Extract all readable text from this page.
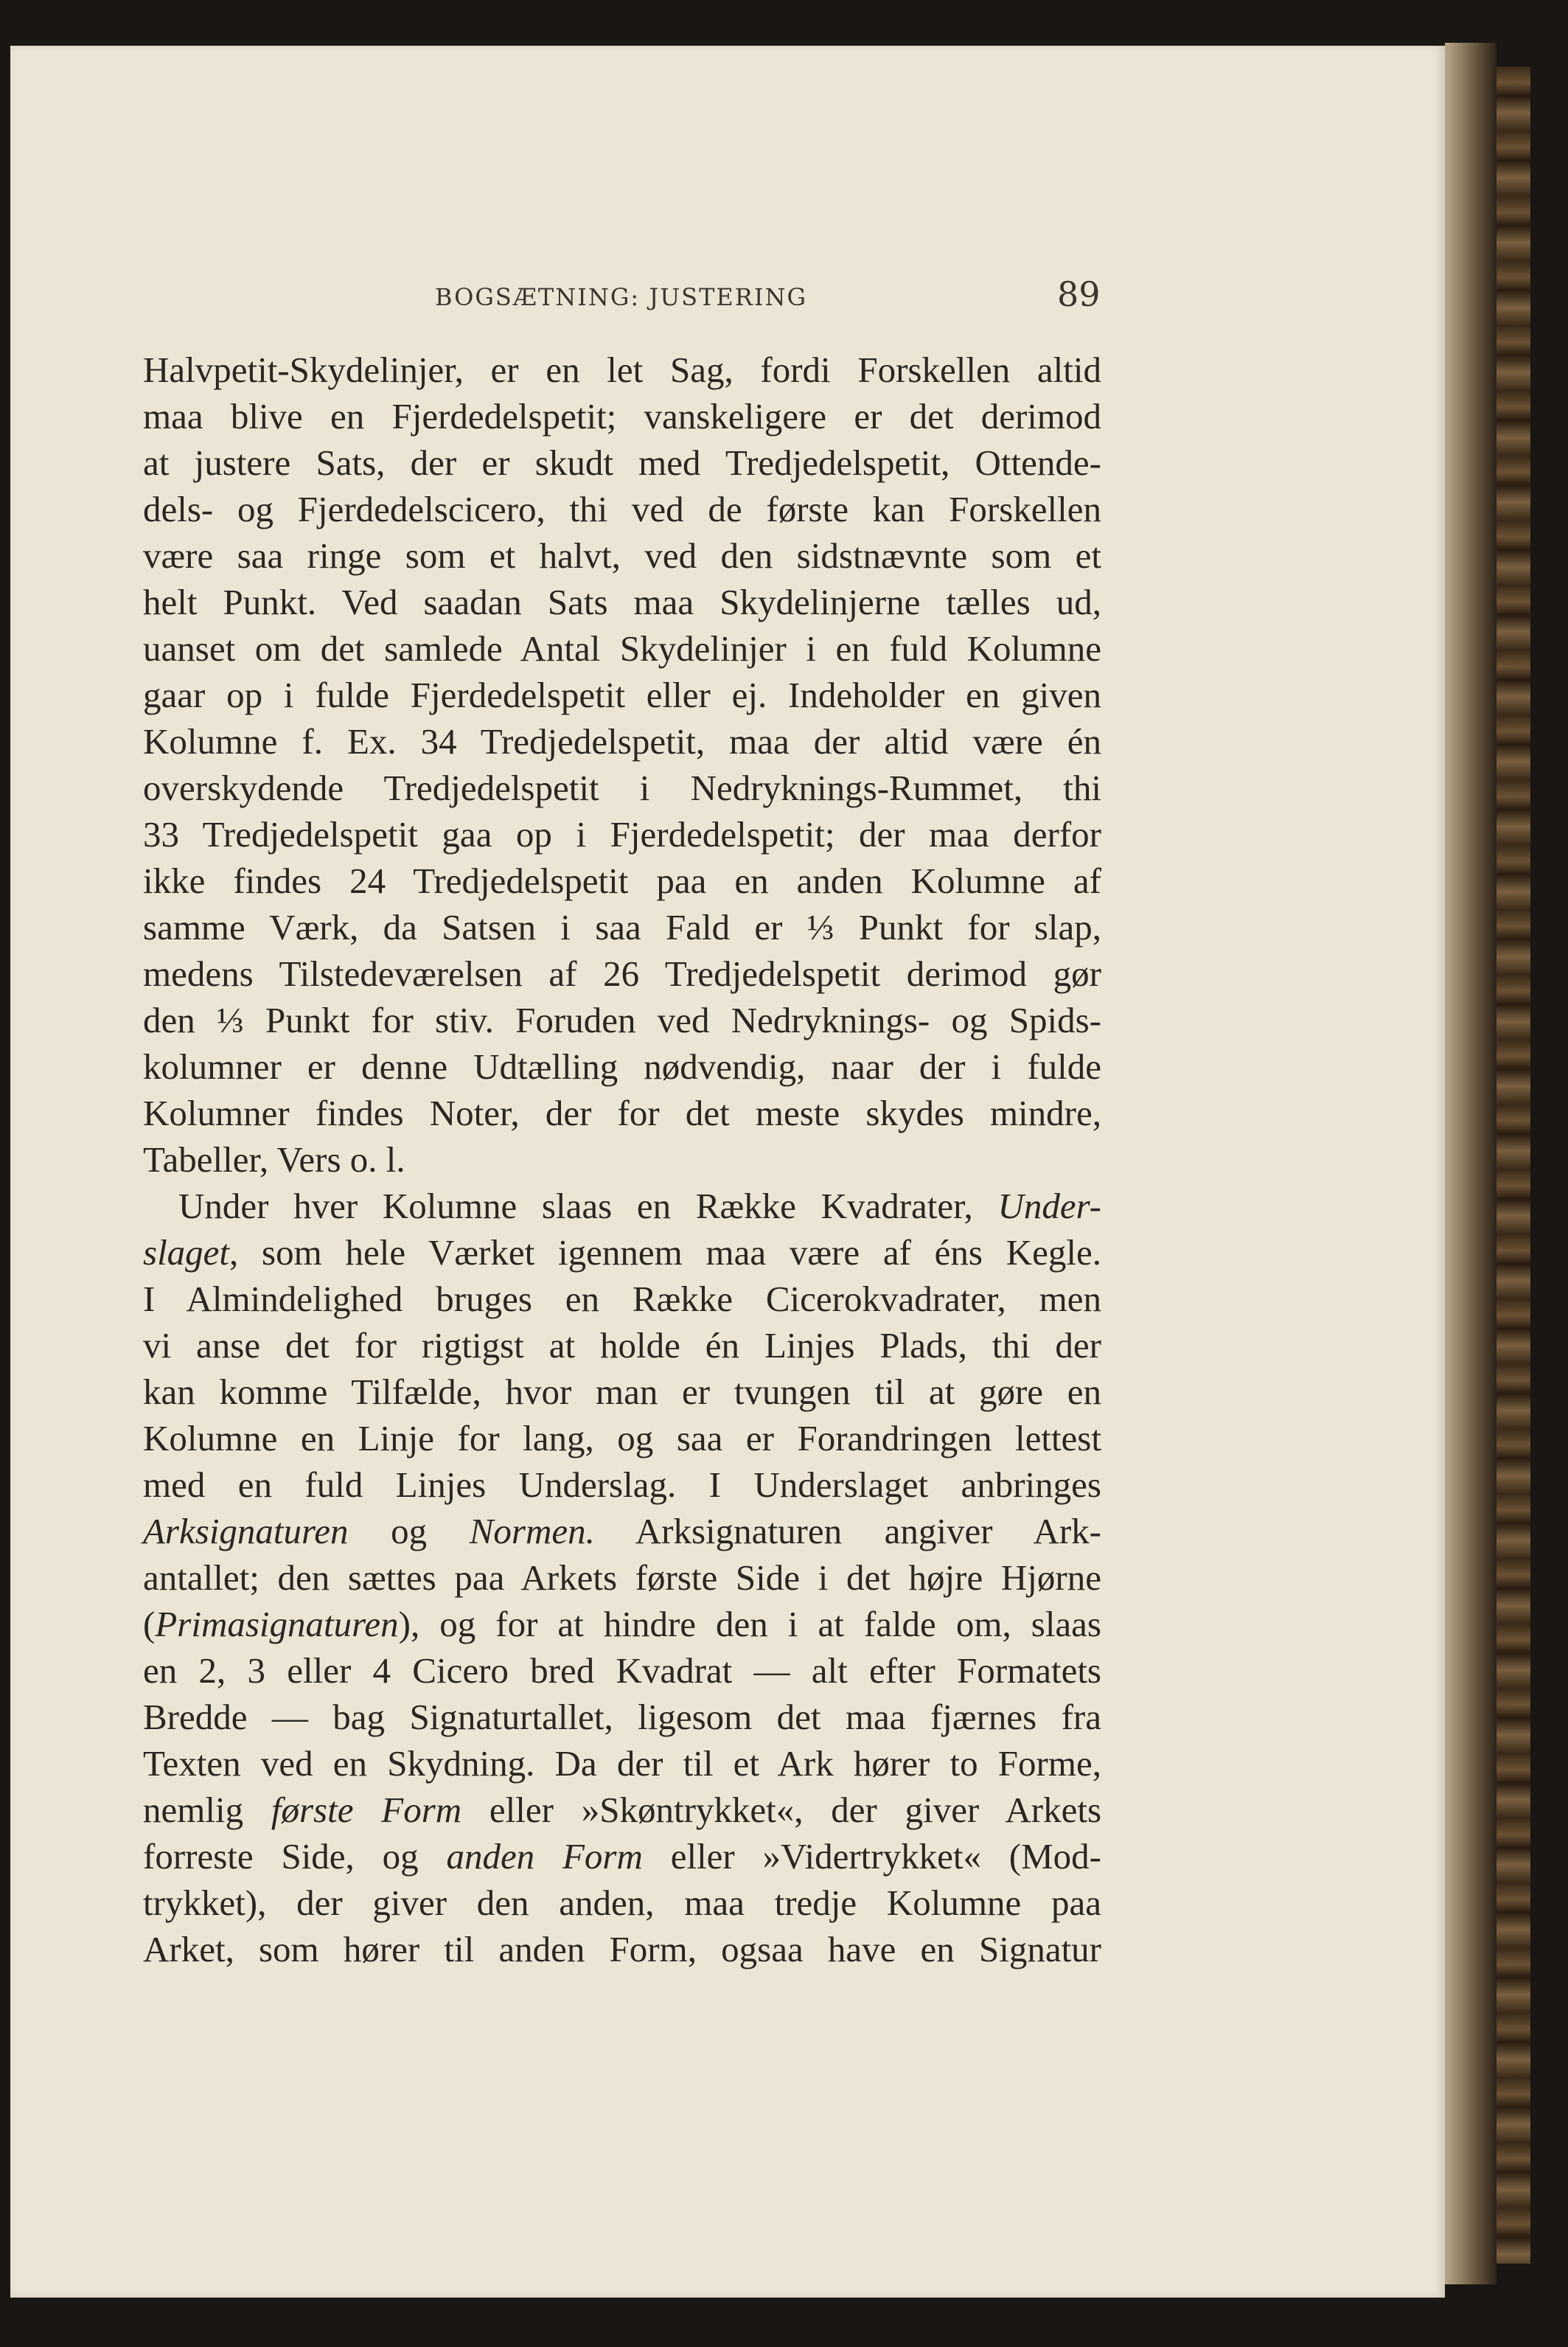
BOGSÆTNING: JUSTERING	89
Halvpetit-Skydelinjer, er en let Sag, fordi Forskellen altid
maa blive en Fjerdedelspetit; vanskeligere er det derimod
at justere Sats, der er skudt med Tredjedelspetit, Ottende-
dels- og Fjerdedelscicero, thi ved de første kan Forskellen
være saa ringe som et halvt, ved den sidstnævnte som et
helt Punkt. Ved saadan Sats maa Skydelinjerne tælles ud,
uanset om det samlede Antal Skydelinjer i en fuld Kolumne
gaar op i fulde Fjerdedelspetit eller ej. Indeholder en given
Kolumne f. Ex. 34 Tredjedelspetit, maa der altid være én
overskydende Tredjedelspetit i Nedryknings-Rummet, thi
33 Tredjedelspetit gaa op i Fjerdedelspetit; der maa derfor
ikke findes 24 Tredjedelspetit paa en anden Kolumne af
samme Værk, da Satsen i saa Fald er ⅓ Punkt for slap,
medens Tilstedeværelsen af 26 Tredjedelspetit derimod gør
den ⅓ Punkt for stiv. Foruden ved Nedryknings- og Spids-
kolumner er denne Udtælling nødvendig, naar der i fulde
Kolumner findes Noter, der for det meste skydes mindre,
Tabeller, Vers o. l.
Under hver Kolumne slaas en Række Kvadrater, Under-
slaget, som hele Værket igennem maa være af éns Kegle.
I Almindelighed bruges en Række Cicerokvadrater, men
vi anse det for rigtigst at holde én Linjes Plads, thi der
kan komme Tilfælde, hvor man er tvungen til at gøre en
Kolumne en Linje for lang, og saa er Forandringen lettest
med en fuld Linjes Underslag. I Underslaget anbringes
Arksignaturen og Normen. Arksignaturen angiver Ark-
antallet; den sættes paa Arkets første Side i det højre Hjørne
(Primasignaturen), og for at hindre den i at falde om, slaas
en 2, 3 eller 4 Cicero bred Kvadrat — alt efter Formatets
Bredde — bag Signaturtallet, ligesom det maa fjærnes fra
Texten ved en Skydning. Da der til et Ark hører to Forme,
nemlig første Form eller »Skøntrykket«, der giver Arkets
forreste Side, og anden Form eller »Vidertrykket« (Mod-
trykket), der giver den anden, maa tredje Kolumne paa
Arket, som hører til anden Form, ogsaa have en Signatur
